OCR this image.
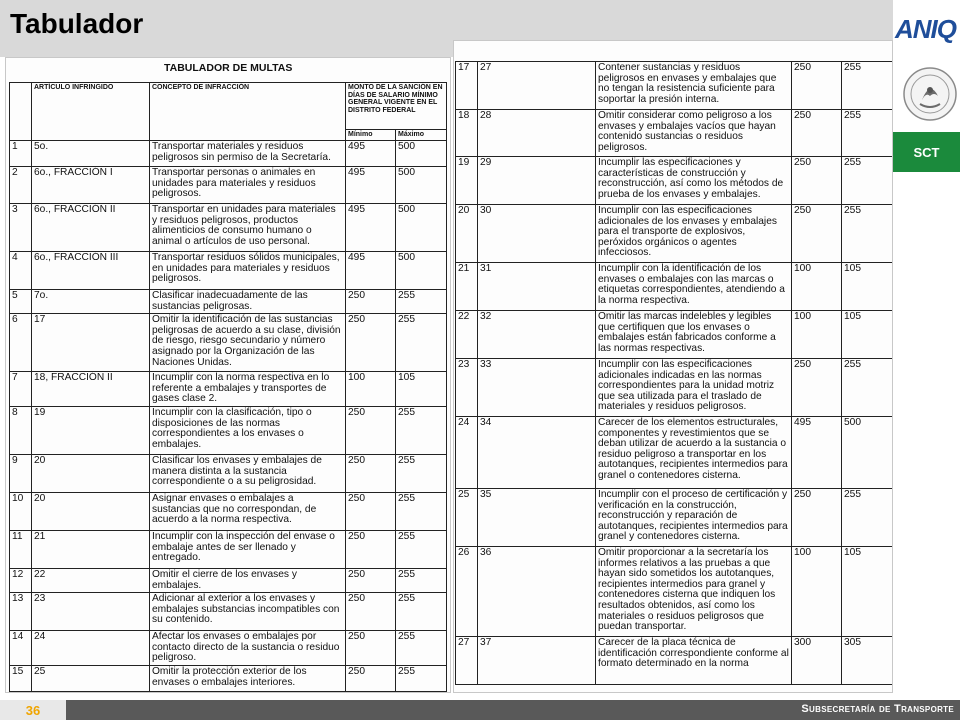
Tabulador	ANIQ
SCT
TABULADOR DE MULTAS
	ARTÍCULO INFRINGIDO	CONCEPTO DE INFRACCIÓN	MONTO DE LA SANCIÓN EN DÍAS DE SALARIO MÍNIMO GENERAL VIGENTE EN EL DISTRITO FEDERAL	
			Mínimo	Máximo
1	5o.	Transportar materiales y residuos peligrosos sin permiso de la Secretaría.	495	500
2	6o., FRACCIÓN I	Transportar personas o animales en unidades para materiales y residuos peligrosos.	495	500
3	6o., FRACCIÓN II	Transportar en unidades para materiales y residuos peligrosos, productos alimenticios de consumo humano o animal o artículos de uso personal.	495	500
4	6o., FRACCIÓN III	Transportar residuos sólidos municipales, en unidades para materiales y residuos peligrosos.	495	500
5	7o.	Clasificar inadecuadamente de las sustancias peligrosas.	250	255
6	17	Omitir la identificación de las sustancias peligrosas de acuerdo a su clase, división de riesgo, riesgo secundario y número asignado por la Organización de las Naciones Unidas.	250	255
7	18, FRACCIÓN II	Incumplir con la norma respectiva en lo referente a embalajes y transportes de gases clase 2.	100	105
8	19	Incumplir con la clasificación, tipo o disposiciones de las normas correspondientes a los envases o embalajes.	250	255
9	20	Clasificar los envases y embalajes de manera distinta a la sustancia correspondiente o a su peligrosidad.	250	255
10	20	Asignar envases o embalajes a sustancias que no correspondan, de acuerdo a la norma respectiva.	250	255
11	21	Incumplir con la inspección del envase o embalaje antes de ser llenado y entregado.	250	255
12	22	Omitir el cierre de los envases y embalajes.	250	255
13	23	Adicionar al exterior a los envases y embalajes substancias incompatibles con su contenido.	250	255
14	24	Afectar los envases o embalajes por contacto directo de la sustancia o residuo peligroso.	250	255
15	25	Omitir la protección exterior de los envases o embalajes interiores.	250	255
17	27	Contener sustancias y residuos peligrosos en envases y embalajes que no tengan la resistencia suficiente para soportar la presión interna.	250	255
18	28	Omitir considerar como peligroso a los envases y embalajes vacíos que hayan contenido sustancias o residuos peligrosos.	250	255
19	29	Incumplir las especificaciones y características de construcción y reconstrucción, así como los métodos de prueba de los envases y embalajes.	250	255
20	30	Incumplir con las especificaciones adicionales de los envases y embalajes para el transporte de explosivos, peróxidos orgánicos o agentes infecciosos.	250	255
21	31	Incumplir con la identificación de los envases o embalajes con las marcas o etiquetas correspondientes, atendiendo a la norma respectiva.	100	105
22	32	Omitir las marcas indelebles y legibles que certifiquen que los envases o embalajes están fabricados conforme a las normas respectivas.	100	105
23	33	Incumplir con las especificaciones adicionales indicadas en las normas correspondientes para la unidad motriz que sea utilizada para el traslado de materiales y residuos peligrosos.	250	255
24	34	Carecer de los elementos estructurales, componentes y revestimientos que se deban utilizar de acuerdo a la sustancia o residuo peligroso a transportar en los autotanques, recipientes intermedios para granel o contenedores cisterna.	495	500
25	35	Incumplir con el proceso de certificación y verificación en la construcción, reconstrucción y reparación de autotanques, recipientes intermedios para granel y contenedores cisterna.	250	255
26	36	Omitir proporcionar a la secretaría los informes relativos a las pruebas a que hayan sido sometidos los autotanques, recipientes intermedios para granel y contenedores cisterna que indiquen los resultados obtenidos, así como los materiales o residuos peligrosos que puedan transportar.	100	105
27	37	Carecer de la placa técnica de identificación correspondiente conforme al formato determinado en la norma	300	305
36	Subsecretaría de Transporte
